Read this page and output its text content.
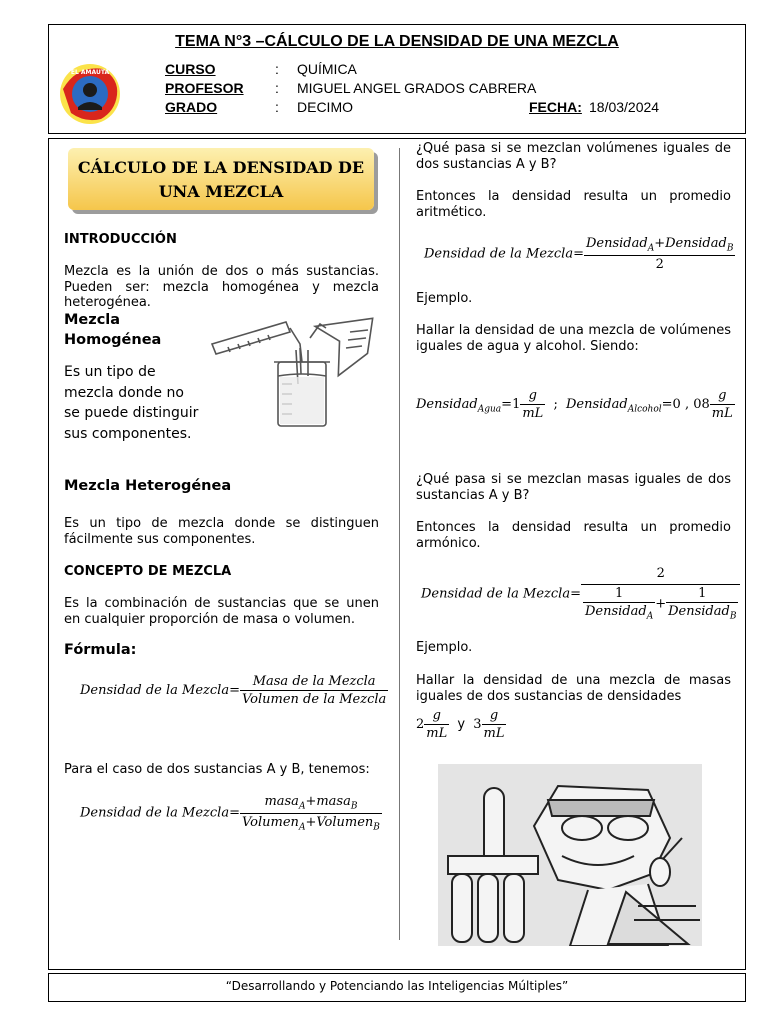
TEMA N°3 –CÁLCULO DE LA DENSIDAD DE UNA MEZCLA
EL AMAUTA	CURSO	: QUÍMICA
PROFESOR : MIGUEL ANGEL GRADOS CABRERA
GRADO	: DECIMO	FECHA: 18/03/2024
CÁLCULO DE LA DENSIDAD DE UNA MEZCLA
INTRODUCCIÓN
Mezcla es la unión de dos o más sustancias. Pueden ser: mezcla homogénea y mezcla heterogénea.
Mezcla Homogénea
Es un tipo de mezcla donde no se puede distinguir sus componentes.
Mezcla Heterogénea
Es un tipo de mezcla donde se distinguen fácilmente sus componentes.
CONCEPTO DE MEZCLA
Es la combinación de sustancias que se unen en cualquier proporción de masa o volumen.
Fórmula:
Densidad de la Mezcla= $\frac{\text{Masa de la Mezcla}}{\text{Volumen de la Mezcla}}$
Para el caso de dos sustancias A y B, tenemos:
Densidad de la Mezcla= $\frac{masa_A+masa_B}{Volumen_A+Volumen_B}$
¿Qué pasa si se mezclan volúmenes iguales de dos sustancias A y B?
Entonces la densidad resulta un promedio aritmético.
Densidad de la Mezcla= $\frac{Densidad_A+Densidad_B}{2}$
Ejemplo.
Hallar la densidad de una mezcla de volúmenes iguales de agua y alcohol. Siendo:
Densidad$_{Agua}$=1 $\frac{g}{mL}$ ; Densidad$_{Alcohol}$=0 , $08 \frac{g}{mL}$
¿Qué pasa si se mezclan masas iguales de dos sustancias A y B?
Entonces la densidad resulta un promedio armónico.
Densidad de la Mezcla= $\frac{2}{\frac{1}{Densidad_A} + \frac{1}{Densidad_B}}$
Ejemplo.
Hallar la densidad de una mezcla de masas iguales de dos sustancias de densidades
$2 \frac{g}{mL}$ y $3 \frac{g}{mL}$
“Desarrollando y Potenciando las Inteligencias Múltiples”
